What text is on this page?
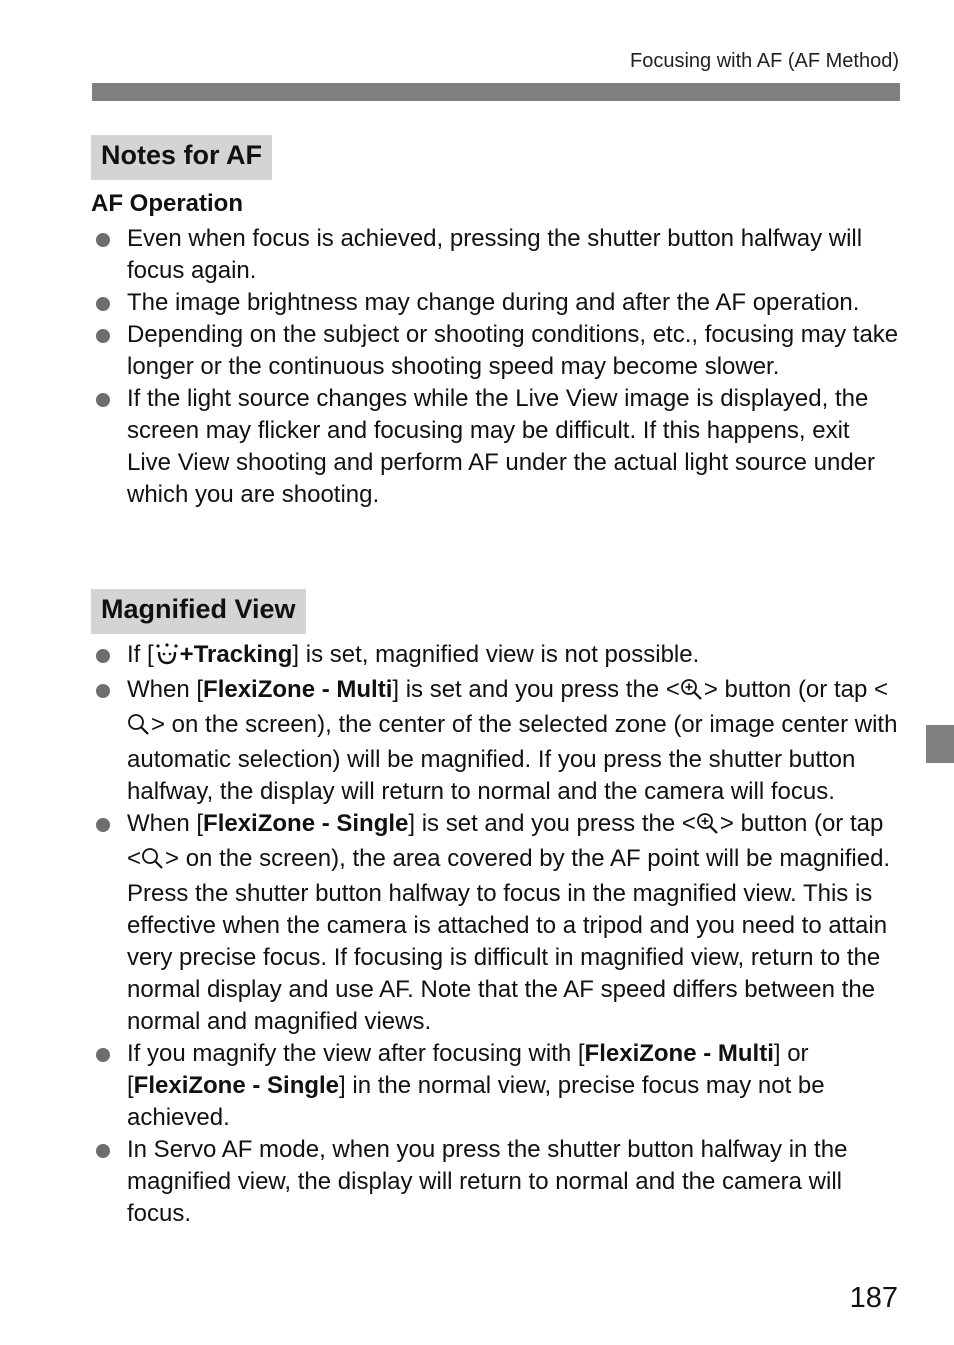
Focusing with AF (AF Method)
Notes for AF
AF Operation
Even when focus is achieved, pressing the shutter button halfway will focus again.
The image brightness may change during and after the AF operation.
Depending on the subject or shooting conditions, etc., focusing may take longer or the continuous shooting speed may become slower.
If the light source changes while the Live View image is displayed, the screen may flicker and focusing may be difficult. If this happens, exit Live View shooting and perform AF under the actual light source under which you are shooting.
Magnified View
If [ +Tracking] is set, magnified view is not possible.
When [FlexiZone - Multi] is set and you press the < > button (or tap <> on the screen), the center of the selected zone (or image center with automatic selection) will be magnified. If you press the shutter button halfway, the display will return to normal and the camera will focus.
When [FlexiZone - Single] is set and you press the < > button (or tap < > on the screen), the area covered by the AF point will be magnified. Press the shutter button halfway to focus in the magnified view. This is effective when the camera is attached to a tripod and you need to attain very precise focus. If focusing is difficult in magnified view, return to the normal display and use AF. Note that the AF speed differs between the normal and magnified views.
If you magnify the view after focusing with [FlexiZone - Multi] or [FlexiZone - Single] in the normal view, precise focus may not be achieved.
In Servo AF mode, when you press the shutter button halfway in the magnified view, the display will return to normal and the camera will focus.
187
